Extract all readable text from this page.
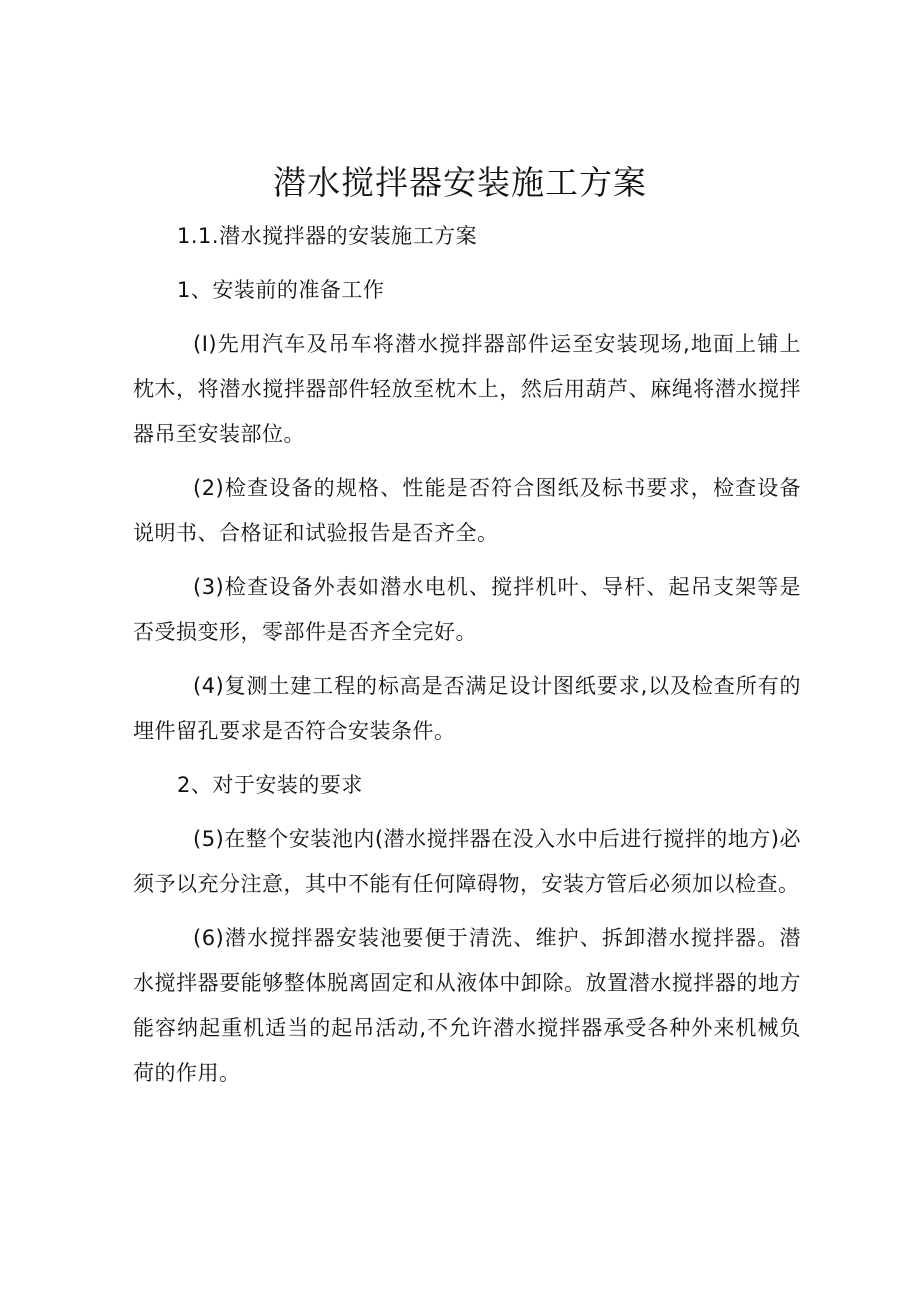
潜水搅拌器安装施工方案
1.1.潜水搅拌器的安装施工方案
1、安装前的准备工作

(I)先用汽车及吊车将潜水搅拌器部件运至安装现场,地面上铺上枕木，将潜水搅拌器部件轻放至枕木上，然后用葫芦、麻绳将潜水搅拌器吊至安装部位。

(2)检查设备的规格、性能是否符合图纸及标书要求，检查设备说明书、合格证和试验报告是否齐全。

(3)检查设备外表如潜水电机、搅拌机叶、导杆、起吊支架等是否受损变形，零部件是否齐全完好。

(4)复测土建工程的标高是否满足设计图纸要求,以及检查所有的埋件留孔要求是否符合安装条件。

2、对于安装的要求

(5)在整个安装池内(潜水搅拌器在没入水中后进行搅拌的地方)必须予以充分注意，其中不能有任何障碍物，安装方管后必须加以检查。

(6)潜水搅拌器安装池要便于清洗、维护、拆卸潜水搅拌器。潜水搅拌器要能够整体脱离固定和从液体中卸除。放置潜水搅拌器的地方能容纳起重机适当的起吊活动,不允许潜水搅拌器承受各种外来机械负荷的作用。
